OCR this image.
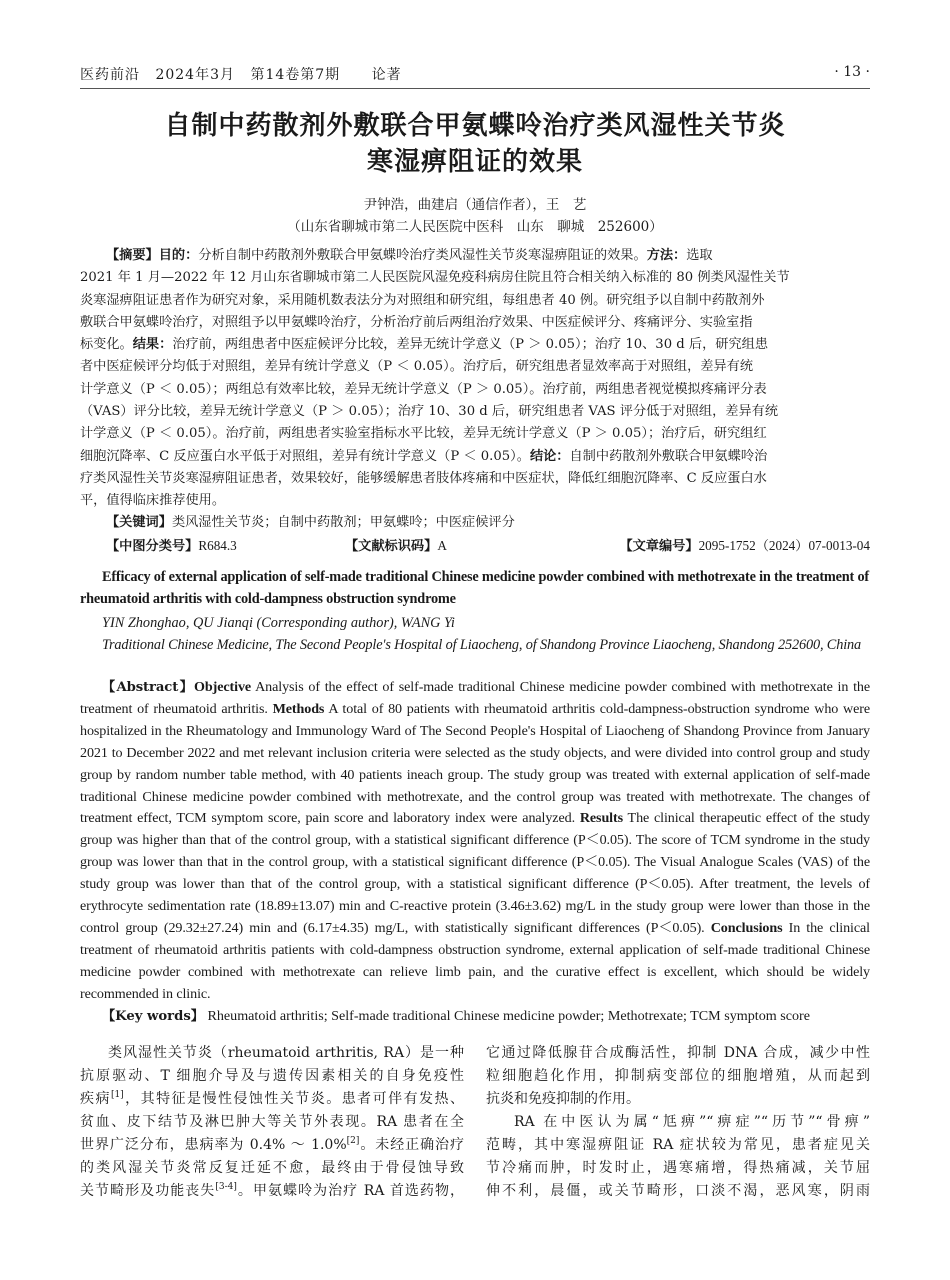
医药前沿 2024年3月 第14卷第7期 论著	· 13 ·
自制中药散剂外敷联合甲氨蝶呤治疗类风湿性关节炎
寒湿痹阻证的效果
尹钟浩，曲建启（通信作者），王　艺
（山东省聊城市第二人民医院中医科　山东　聊城　252600）
【摘要】目的：分析自制中药散剂外敷联合甲氨蝶呤治疗类风湿性关节炎寒湿痹阻证的效果。方法：选取
2021 年 1 月—2022 年 12 月山东省聊城市第二人民医院风湿免疫科病房住院且符合相关纳入标准的 80 例类风湿性关节
炎寒湿痹阻证患者作为研究对象，采用随机数表法分为对照组和研究组，每组患者 40 例。研究组予以自制中药散剂外
敷联合甲氨蝶呤治疗，对照组予以甲氨蝶呤治疗，分析治疗前后两组治疗效果、中医症候评分、疼痛评分、实验室指
标变化。结果：治疗前，两组患者中医症候评分比较，差异无统计学意义（P ＞ 0.05）；治疗 10、30 d 后，研究组患
者中医症候评分均低于对照组，差异有统计学意义（P ＜ 0.05）。治疗后，研究组患者显效率高于对照组，差异有统
计学意义（P ＜ 0.05）；两组总有效率比较，差异无统计学意义（P ＞ 0.05）。治疗前，两组患者视觉模拟疼痛评分表
（VAS）评分比较，差异无统计学意义（P ＞ 0.05）；治疗 10、30 d 后，研究组患者 VAS 评分低于对照组，差异有统
计学意义（P ＜ 0.05）。治疗前，两组患者实验室指标水平比较，差异无统计学意义（P ＞ 0.05）；治疗后，研究组红
细胞沉降率、C 反应蛋白水平低于对照组，差异有统计学意义（P ＜ 0.05）。结论：自制中药散剂外敷联合甲氨蝶呤治
疗类风湿性关节炎寒湿痹阻证患者，效果较好，能够缓解患者肢体疼痛和中医症状，降低红细胞沉降率、C 反应蛋白水
平，值得临床推荐使用。
【关键词】类风湿性关节炎；自制中药散剂；甲氨蝶呤；中医症候评分
【中图分类号】R684.3	【文献标识码】A	【文章编号】2095-1752（2024）07-0013-04
Efficacy of external application of self-made traditional Chinese medicine powder combined with methotrexate in the treatment of rheumatoid arthritis with cold-dampness obstruction syndrome
YIN Zhonghao, QU Jianqi (Corresponding author), WANG Yi
Traditional Chinese Medicine, The Second People's Hospital of Liaocheng, of Shandong Province Liaocheng, Shandong 252600, China
【Abstract】Objective Analysis of the effect of self-made traditional Chinese medicine powder combined with methotrexate in the treatment of rheumatoid arthritis. Methods A total of 80 patients with rheumatoid arthritis cold-dampness-obstruction syndrome who were hospitalized in the Rheumatology and Immunology Ward of The Second People's Hospital of Liaocheng of Shandong Province from January 2021 to December 2022 and met relevant inclusion criteria were selected as the study objects, and were divided into control group and study group by random number table method, with 40 patients ineach group. The study group was treated with external application of self-made traditional Chinese medicine powder combined with methotrexate, and the control group was treated with methotrexate. The changes of treatment effect, TCM symptom score, pain score and laboratory index were analyzed. Results The clinical therapeutic effect of the study group was higher than that of the control group, with a statistical significant difference (P＜0.05). The score of TCM syndrome in the study group was lower than that in the control group, with a statistical significant difference (P＜0.05). The Visual Analogue Scales (VAS) of the study group was lower than that of the control group, with a statistical significant difference (P＜0.05). After treatment, the levels of erythrocyte sedimentation rate (18.89±13.07) min and C-reactive protein (3.46±3.62) mg/L in the study group were lower than those in the control group (29.32±27.24) min and (6.17±4.35) mg/L, with statistically significant differences (P＜0.05). Conclusions In the clinical treatment of rheumatoid arthritis patients with cold-dampness obstruction syndrome, external application of self-made traditional Chinese medicine powder combined with methotrexate can relieve limb pain, and the curative effect is excellent, which should be widely recommended in clinic.
【Key words】 Rheumatoid arthritis; Self-made traditional Chinese medicine powder; Methotrexate; TCM symptom score
类风湿性关节炎（rheumatoid arthritis, RA）是一种
抗原驱动、T 细胞介导及与遗传因素相关的自身免疫性
疾病[1]，其特征是慢性侵蚀性关节炎。患者可伴有发热、
贫血、皮下结节及淋巴肿大等关节外表现。RA 患者在全
世界广泛分布，患病率为 0.4% ～ 1.0%[2]。未经正确治疗
的类风湿关节炎常反复迁延不愈，最终由于骨侵蚀导致
关节畸形及功能丧失[3-4]。甲氨蝶呤为治疗 RA 首选药物，
它通过降低腺苷合成酶活性，抑制 DNA 合成，减少中性
粒细胞趋化作用，抑制病变部位的细胞增殖，从而起到
抗炎和免疫抑制的作用。
RA 在中医认为属“尪痹”“痹症”“历节”“骨痹”
范畴，其中寒湿痹阻证 RA 症状较为常见，患者症见关
节冷痛而肿，时发时止，遇寒痛增，得热痛减，关节屈
伸不利，晨僵，或关节畸形，口淡不渴，恶风寒，阴雨
